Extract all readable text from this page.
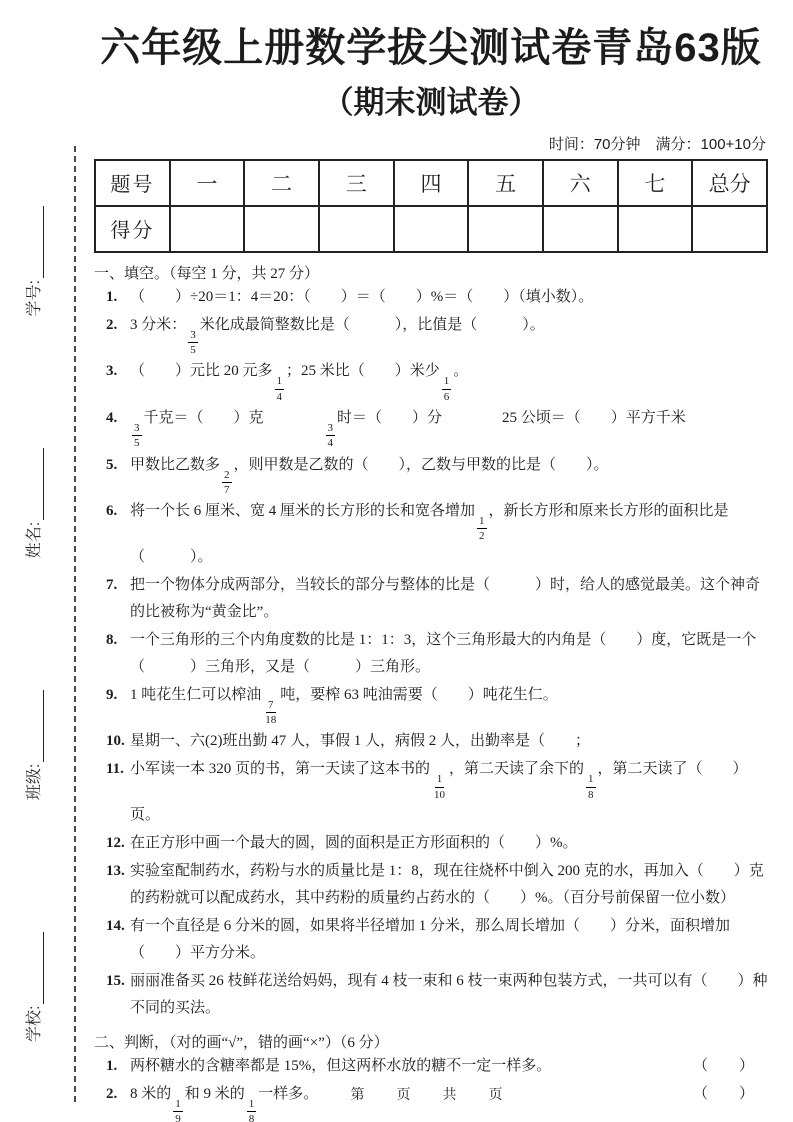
学校:
班级:
姓名:
学号:
六年级上册数学拔尖测试卷青岛63版
（期末测试卷）
时间：70分钟　满分：100+10分
题号	一	二	三	四	五	六	七	总分
得分								
一、填空。（每空 1 分，共 27 分）
1. （　　）÷20＝1：4＝20：（　　）＝（　　）%＝（　　）（填小数）。
2. 3 分米：
$\frac{3}{5}$
米化成最简整数比是（　　　），比值是（　　　）。
3. （　　）元比 20 元多
$\frac{1}{4}$
；25 米比（　　）米少
$\frac{1}{6}$
。
4.
$\frac{3}{5}$
千克＝（　　）克　　　　
$\frac{3}{4}$
时＝（　　）分　　　　25 公顷＝（　　）平方千米
5. 甲数比乙数多
$\frac{2}{7}$
，则甲数是乙数的（　　），乙数与甲数的比是（　　）。
6. 将一个长 6 厘米、宽 4 厘米的长方形的长和宽各增加
$\frac{1}{2}$
，新长方形和原来长方形的面积比是（　　　）。
7. 把一个物体分成两部分，当较长的部分与整体的比是（　　　）时，给人的感觉最美。这个神奇的比被称为“黄金比”。
8. 一个三角形的三个内角度数的比是 1：1：3，这个三角形最大的内角是（　　）度，它既是一个（　　　）三角形，又是（　　　）三角形。
9. 1 吨花生仁可以榨油
$\frac{7}{18}$
吨，要榨 63 吨油需要（　　）吨花生仁。
10. 星期一、六(2)班出勤 47 人，事假 1 人，病假 2 人，出勤率是（　　；
11. 小军读一本 320 页的书，第一天读了这本书的
$\frac{1}{10}$
，第二天读了余下的
$\frac{1}{8}$
，第二天读了（　　）页。
12. 在正方形中画一个最大的圆，圆的面积是正方形面积的（　　）%。
13. 实验室配制药水，药粉与水的质量比是 1：8，现在往烧杯中倒入 200 克的水，再加入（　　）克的药粉就可以配成药水，其中药粉的质量约占药水的（　　）%。（百分号前保留一位小数）
14. 有一个直径是 6 分米的圆，如果将半径增加 1 分米，那么周长增加（　　）分米，面积增加（　　）平方分米。
15. 丽丽准备买 26 枝鲜花送给妈妈，现有 4 枝一束和 6 枝一束两种包装方式，一共可以有（　　）种不同的买法。
二、判断，（对的画“√”，错的画“×”）（6 分）
1. 两杯糖水的含糖率都是 15%，但这两杯水放的糖不一定一样多。	（　）
2. 8 米的
$\frac{1}{9}$
和 9 米的
$\frac{1}{8}$
一样多。	（　）
第　页　共　页
